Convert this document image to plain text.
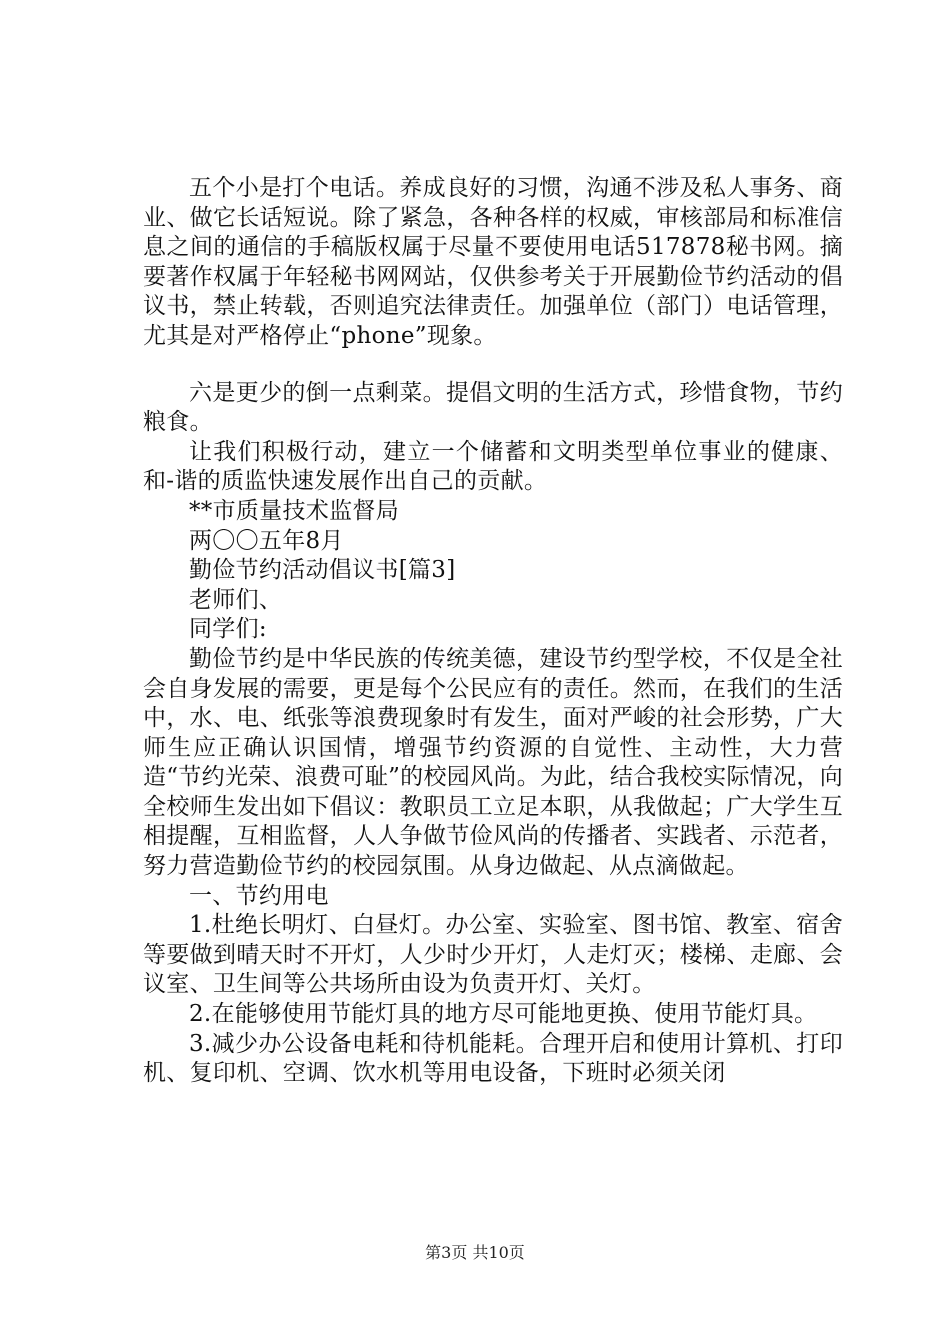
五个小是打个电话。养成良好的习惯，沟通不涉及私人事务、商业、做它长话短说。除了紧急，各种各样的权威，审核部局和标准信息之间的通信的手稿版权属于尽量不要使用电话517878秘书网。摘要著作权属于年轻秘书网网站，仅供参考关于开展勤俭节约活动的倡议书，禁止转载，否则追究法律责任。加强单位（部门）电话管理，尤其是对严格停止“phone”现象。

六是更少的倒一点剩菜。提倡文明的生活方式，珍惜食物，节约粮食。

让我们积极行动，建立一个储蓄和文明类型单位事业的健康、和-谐的质监快速发展作出自己的贡献。

**市质量技术监督局

两〇〇五年8月

勤俭节约活动倡议书[篇3]

老师们、

同学们:

勤俭节约是中华民族的传统美德，建设节约型学校，不仅是全社会自身发展的需要，更是每个公民应有的责任。然而，在我们的生活中，水、电、纸张等浪费现象时有发生，面对严峻的社会形势，广大师生应正确认识国情，增强节约资源的自觉性、主动性，大力营造“节约光荣、浪费可耻”的校园风尚。为此，结合我校实际情况，向全校师生发出如下倡议：教职员工立足本职，从我做起；广大学生互相提醒，互相监督，人人争做节俭风尚的传播者、实践者、示范者，努力营造勤俭节约的校园氛围。从身边做起、从点滴做起。

一、节约用电

1.杜绝长明灯、白昼灯。办公室、实验室、图书馆、教室、宿舍等要做到晴天时不开灯，人少时少开灯，人走灯灭；楼梯、走廊、会议室、卫生间等公共场所由设为负责开灯、关灯。

2.在能够使用节能灯具的地方尽可能地更换、使用节能灯具。

3.减少办公设备电耗和待机能耗。合理开启和使用计算机、打印机、复印机、空调、饮水机等用电设备，下班时必须关闭

第3页 共10页
